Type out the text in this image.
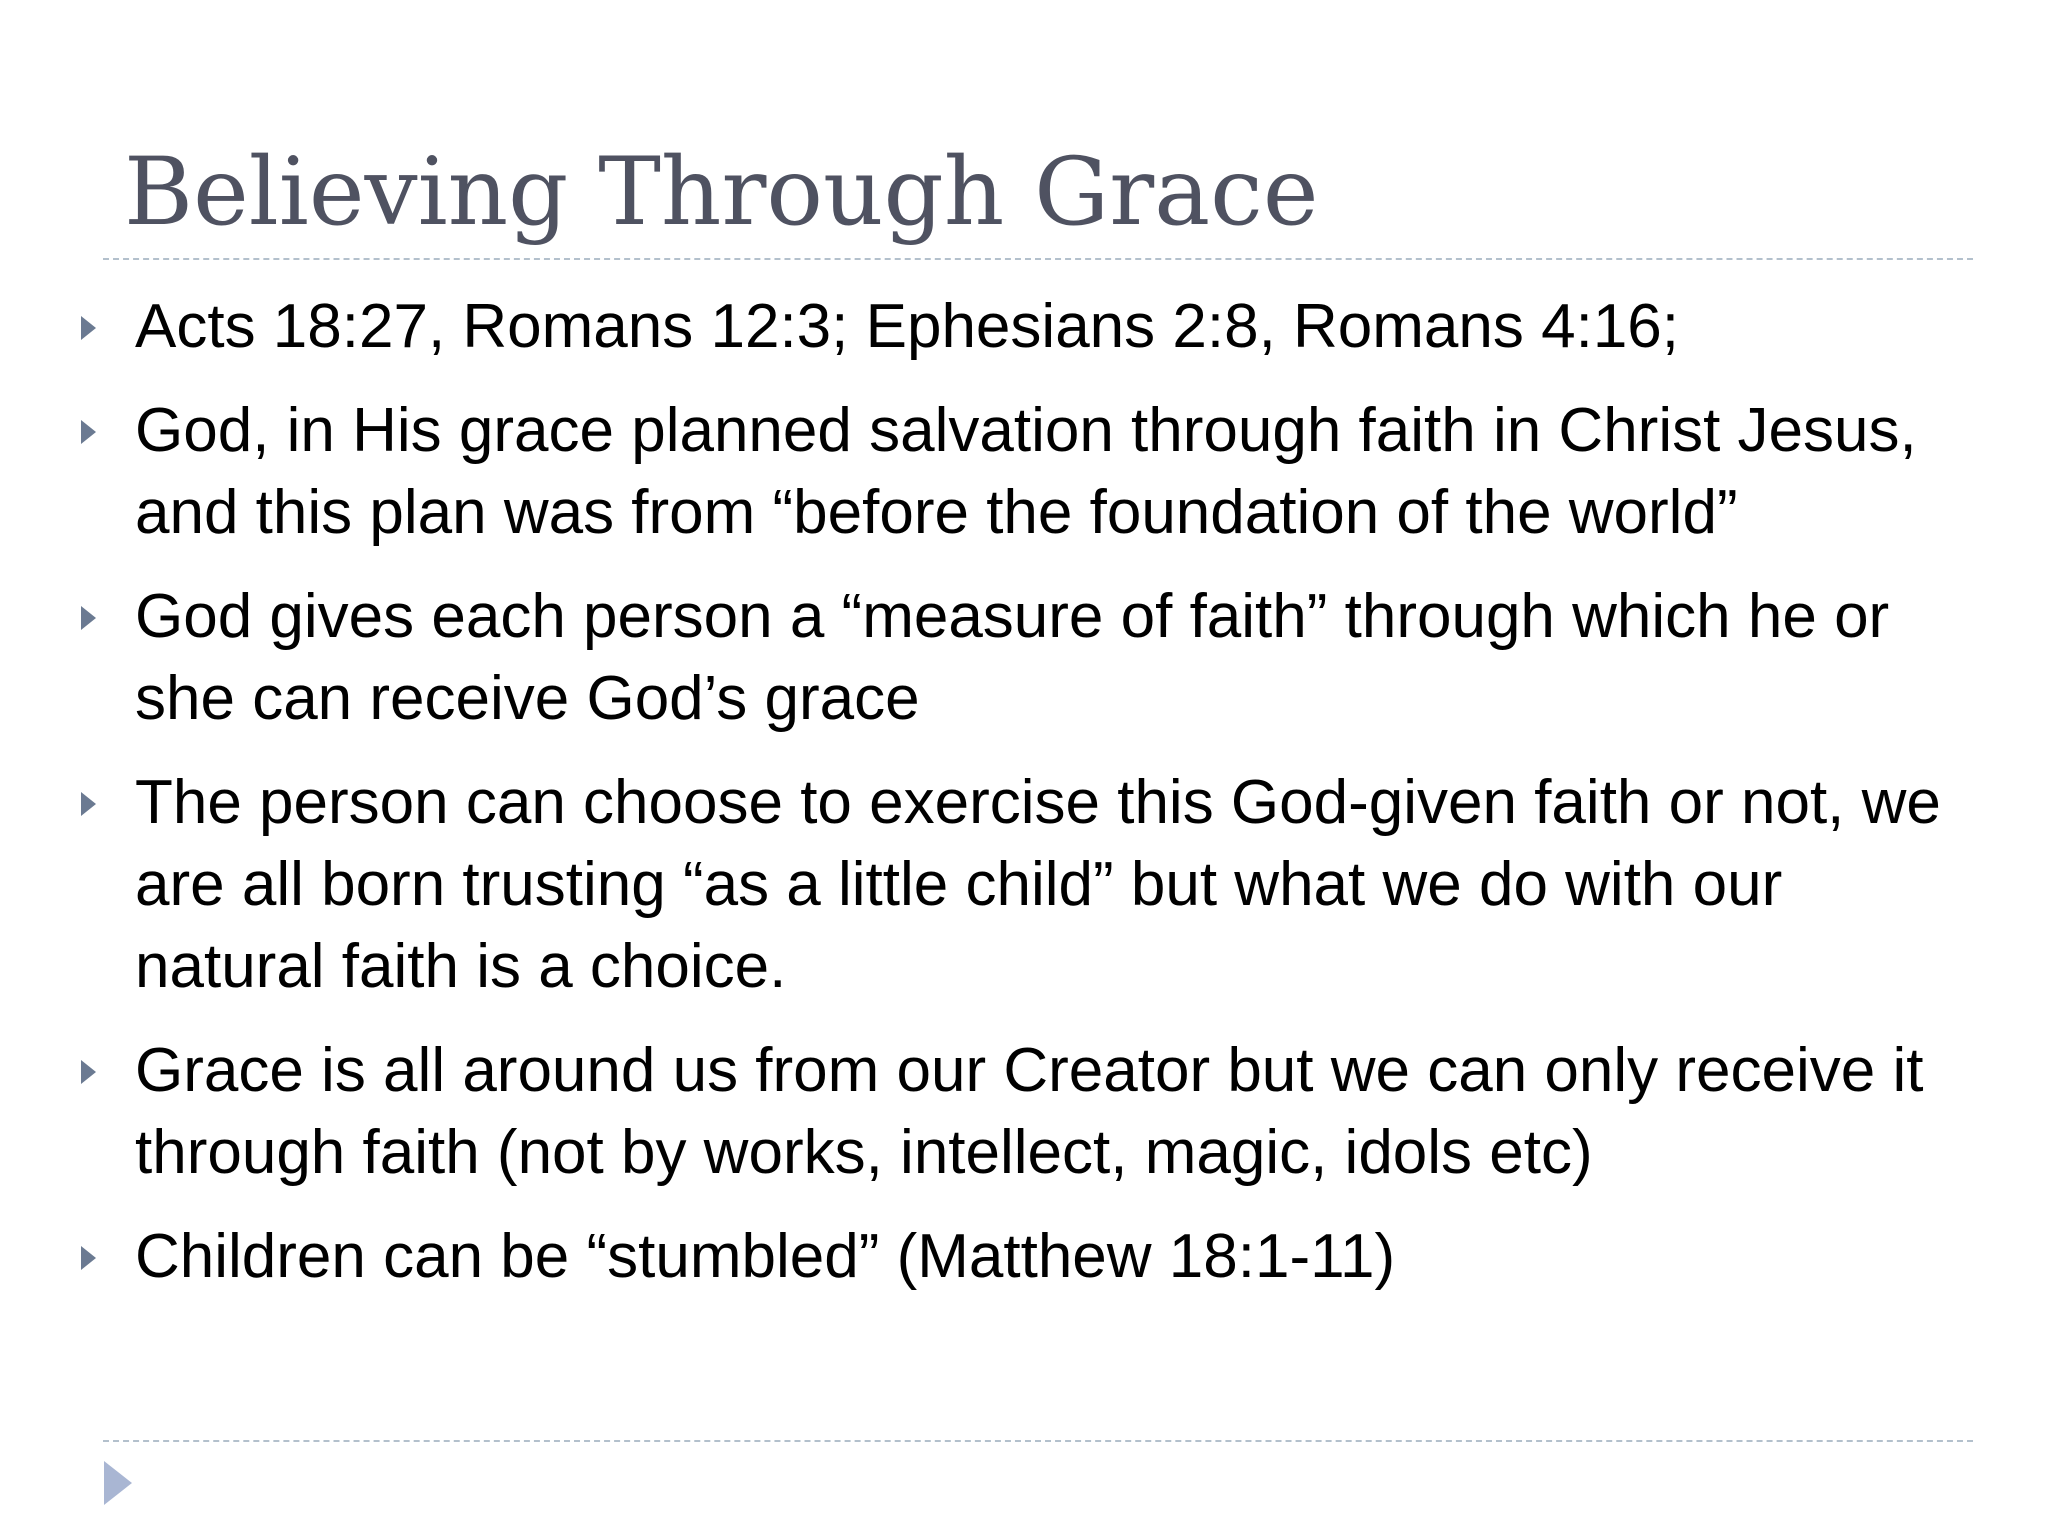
Believing Through Grace
Acts 18:27, Romans 12:3; Ephesians 2:8, Romans 4:16;
God, in His grace planned salvation through faith in Christ Jesus, and this plan was from “before the foundation of the world”
God gives each person a “measure of faith” through which he or she can receive God’s grace
The person can choose to exercise this God-given faith or not, we are all born trusting “as a little child” but what we do with our natural faith is a choice.
Grace is all around us from our Creator but we can only receive it through faith (not by works, intellect, magic, idols etc)
Children can be “stumbled” (Matthew 18:1-11)
